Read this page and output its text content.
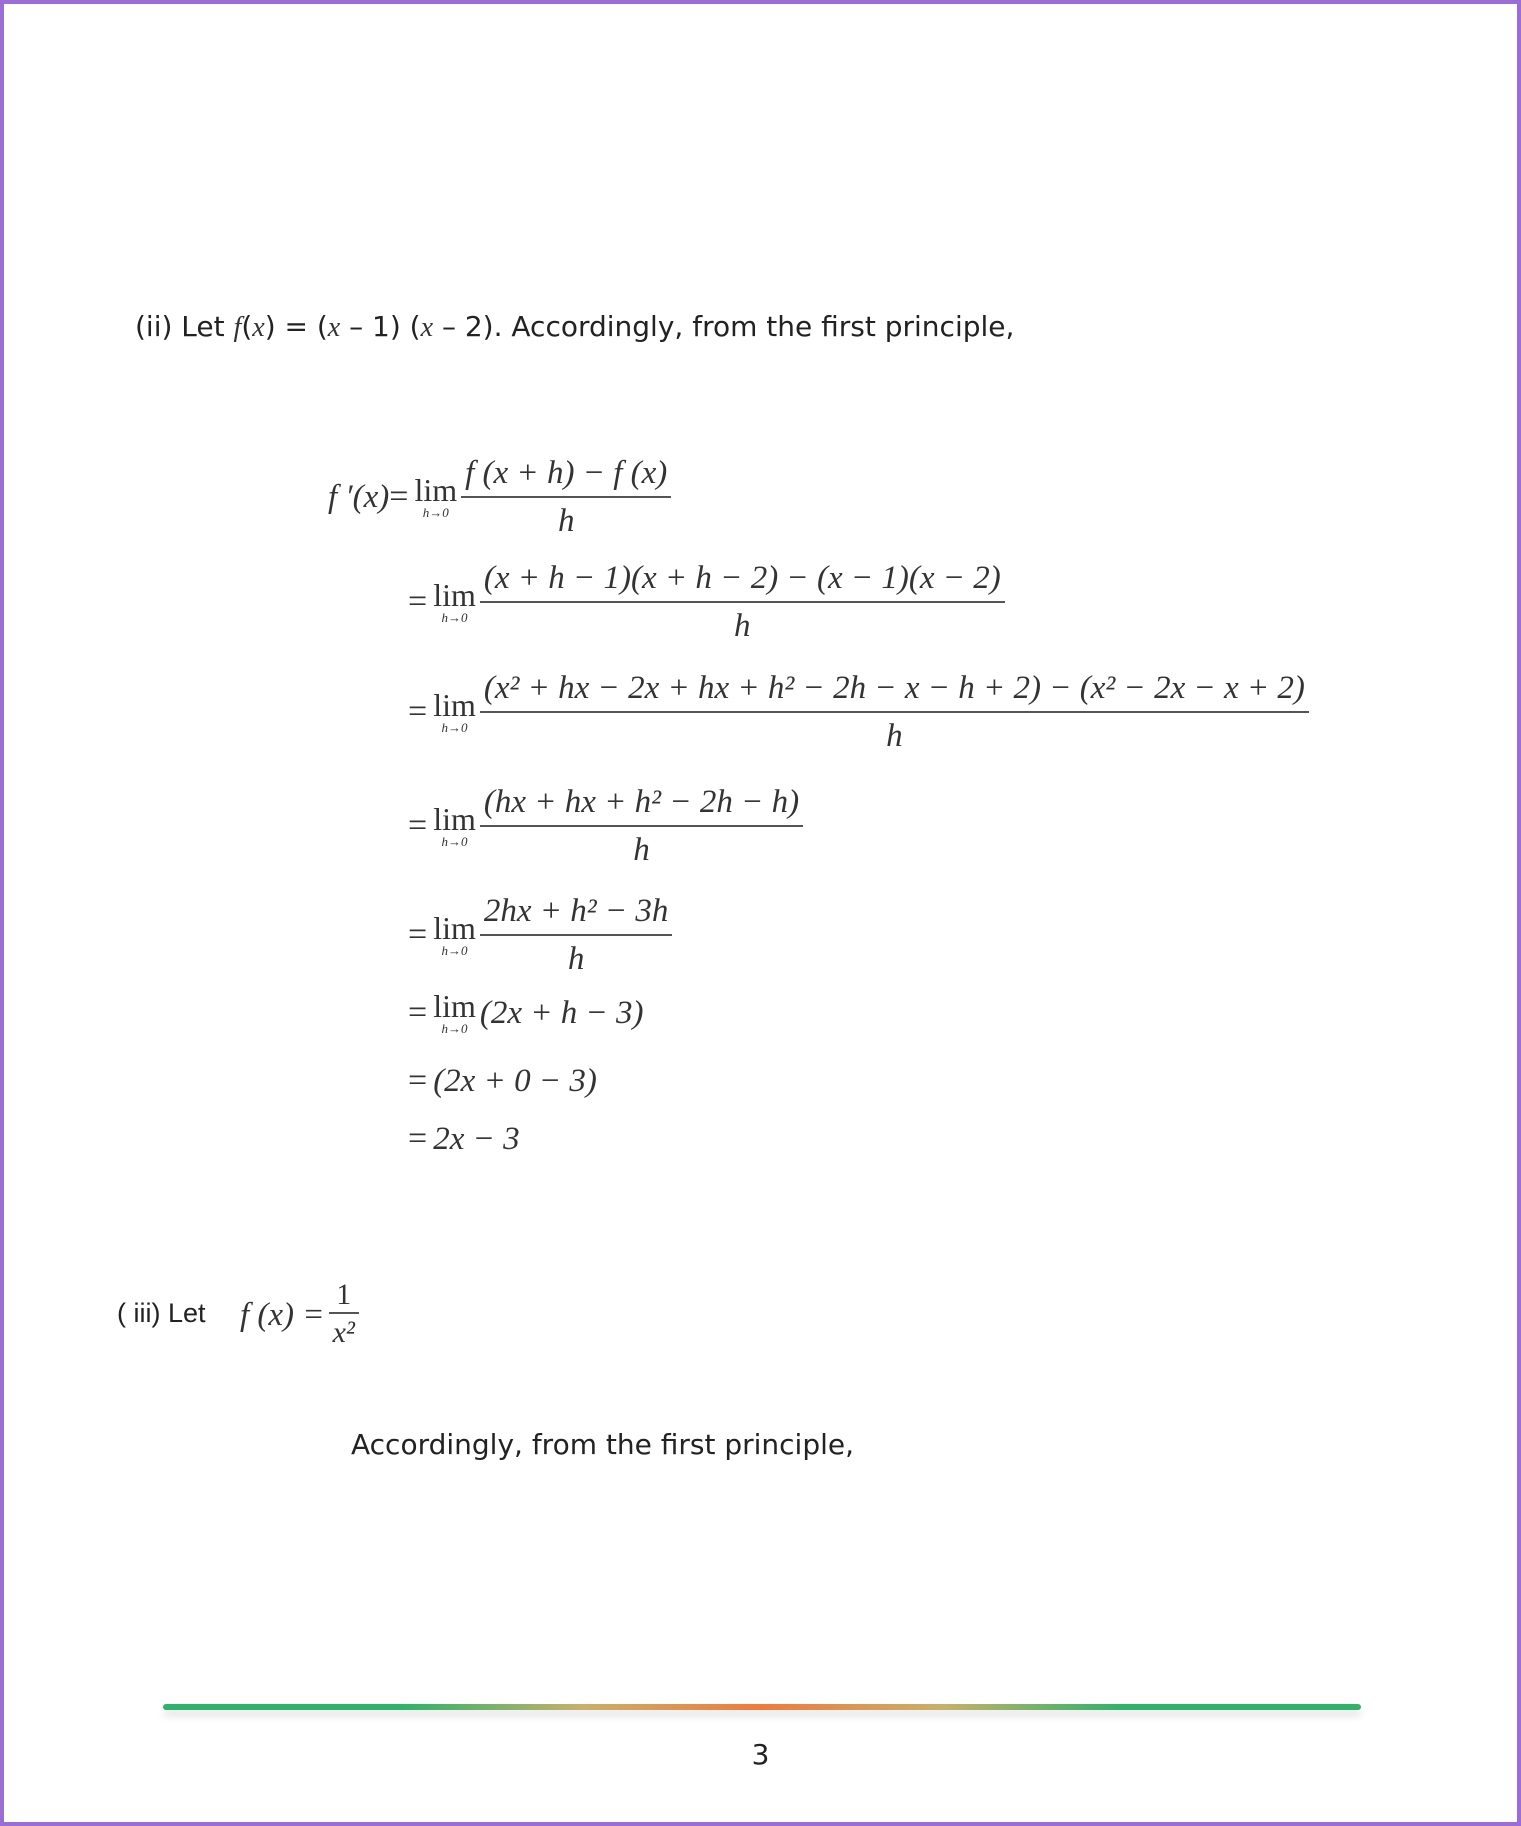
(ii) Let f(x) = (x – 1) (x – 2). Accordingly, from the first principle,
f ′(x) = lim
$h\to 0 \frac{f (x + h) - f (x)}{h}$
= lim
$h\to 0 \frac{(x + h - 1)(x + h - 2) - (x - 1)(x - 2)}{h}$
= lim
h→0
(x² + hx − 2x + hx + h² − 2h − x − h + 2) − (x² − 2x − x + 2)
h
= lim
$h\to 0 \frac{\text{(hx + hx + h² − 2h − h)}}{h}$
= lim
$h\to 0 \frac{\text{2hx + h² − 3h}}{h}$
= lim
h→0 (2x + h − 3)
= (2x + 0 − 3)
= 2x − 3
( iii) Let f $(x) = \frac{1}{\text{x²}}$
Accordingly, from the first principle,
3
